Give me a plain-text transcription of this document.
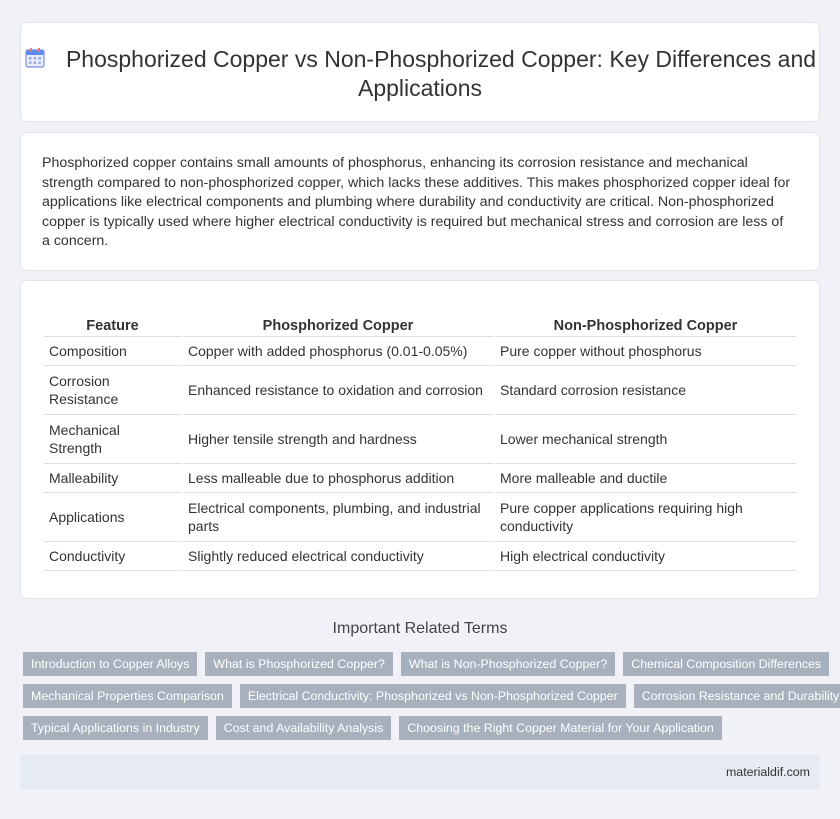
Phosphorized Copper vs Non-Phosphorized Copper: Key Differences and Applications

Phosphorized copper contains small amounts of phosphorus, enhancing its corrosion resistance and mechanical strength compared to non-phosphorized copper, which lacks these additives. This makes phosphorized copper ideal for applications like electrical components and plumbing where durability and conductivity are critical. Non-phosphorized copper is typically used where higher electrical conductivity is required but mechanical stress and corrosion are less of a concern.

Feature	Phosphorized Copper	Non-Phosphorized Copper
Composition	Copper with added phosphorus (0.01-0.05%)	Pure copper without phosphorus
Corrosion Resistance	Enhanced resistance to oxidation and corrosion	Standard corrosion resistance
Mechanical Strength	Higher tensile strength and hardness	Lower mechanical strength
Malleability	Less malleable due to phosphorus addition	More malleable and ductile
Applications	Electrical components, plumbing, and industrial parts	Pure copper applications requiring high conductivity
Conductivity	Slightly reduced electrical conductivity	High electrical conductivity
Important Related Terms
Introduction to Copper Alloys	What is Phosphorized Copper?	What is Non-Phosphorized Copper?	Chemical Composition Differences
Mechanical Properties Comparison	Electrical Conductivity: Phosphorized vs Non-Phosphorized Copper	Corrosion Resistance and Durability
Typical Applications in Industry	Cost and Availability Analysis	Choosing the Right Copper Material for Your Application
materialdif.com
